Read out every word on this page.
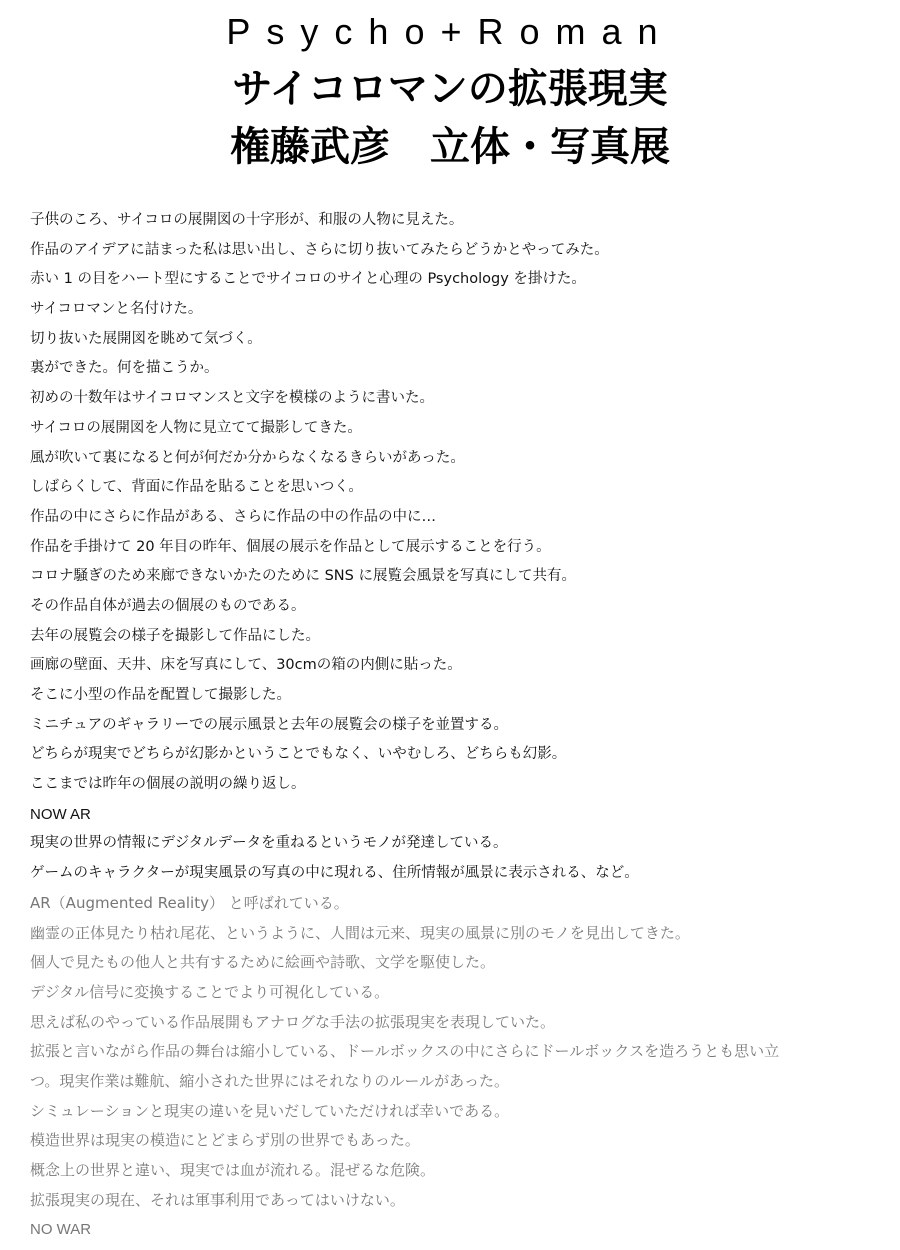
Psycho+Roman
サイコロマンの拡張現実
権藤武彦　立体・写真展
子供のころ、サイコロの展開図の十字形が、和服の人物に見えた。
作品のアイデアに詰まった私は思い出し、さらに切り抜いてみたらどうかとやってみた。
赤い 1 の目をハート型にすることでサイコロのサイと心理の Psychology を掛けた。
サイコロマンと名付けた。
切り抜いた展開図を眺めて気づく。
裏ができた。何を描こうか。
初めの十数年はサイコロマンスと文字を模様のように書いた。
サイコロの展開図を人物に見立てて撮影してきた。
風が吹いて裏になると何が何だか分からなくなるきらいがあった。
しばらくして、背面に作品を貼ることを思いつく。
作品の中にさらに作品がある、さらに作品の中の作品の中に…
作品を手掛けて 20 年目の昨年、個展の展示を作品として展示することを行う。
コロナ騒ぎのため来廊できないかたのために SNS に展覧会風景を写真にして共有。
その作品自体が過去の個展のものである。
去年の展覧会の様子を撮影して作品にした。
画廊の壁面、天井、床を写真にして、30cmの箱の内側に貼った。
そこに小型の作品を配置して撮影した。
ミニチュアのギャラリーでの展示風景と去年の展覧会の様子を並置する。
どちらが現実でどちらが幻影かということでもなく、いやむしろ、どちらも幻影。
ここまでは昨年の個展の説明の繰り返し。
NOW AR
現実の世界の情報にデジタルデータを重ねるというモノが発達している。
ゲームのキャラクターが現実風景の写真の中に現れる、住所情報が風景に表示される、など。
AR（Augmented Reality） と呼ばれている。
幽霊の正体見たり枯れ尾花、というように、人間は元来、現実の風景に別のモノを見出してきた。
個人で見たもの他人と共有するために絵画や詩歌、文学を駆使した。
デジタル信号に変換することでより可視化している。
思えば私のやっている作品展開もアナログな手法の拡張現実を表現していた。
拡張と言いながら作品の舞台は縮小している、ドールボックスの中にさらにドールボックスを造ろうとも思い立
つ。現実作業は難航、縮小された世界にはそれなりのルールがあった。
シミュレーションと現実の違いを見いだしていただければ幸いである。
模造世界は現実の模造にとどまらず別の世界でもあった。
概念上の世界と違い、現実では血が流れる。混ぜるな危険。
拡張現実の現在、それは軍事利用であってはいけない。
NO WAR
